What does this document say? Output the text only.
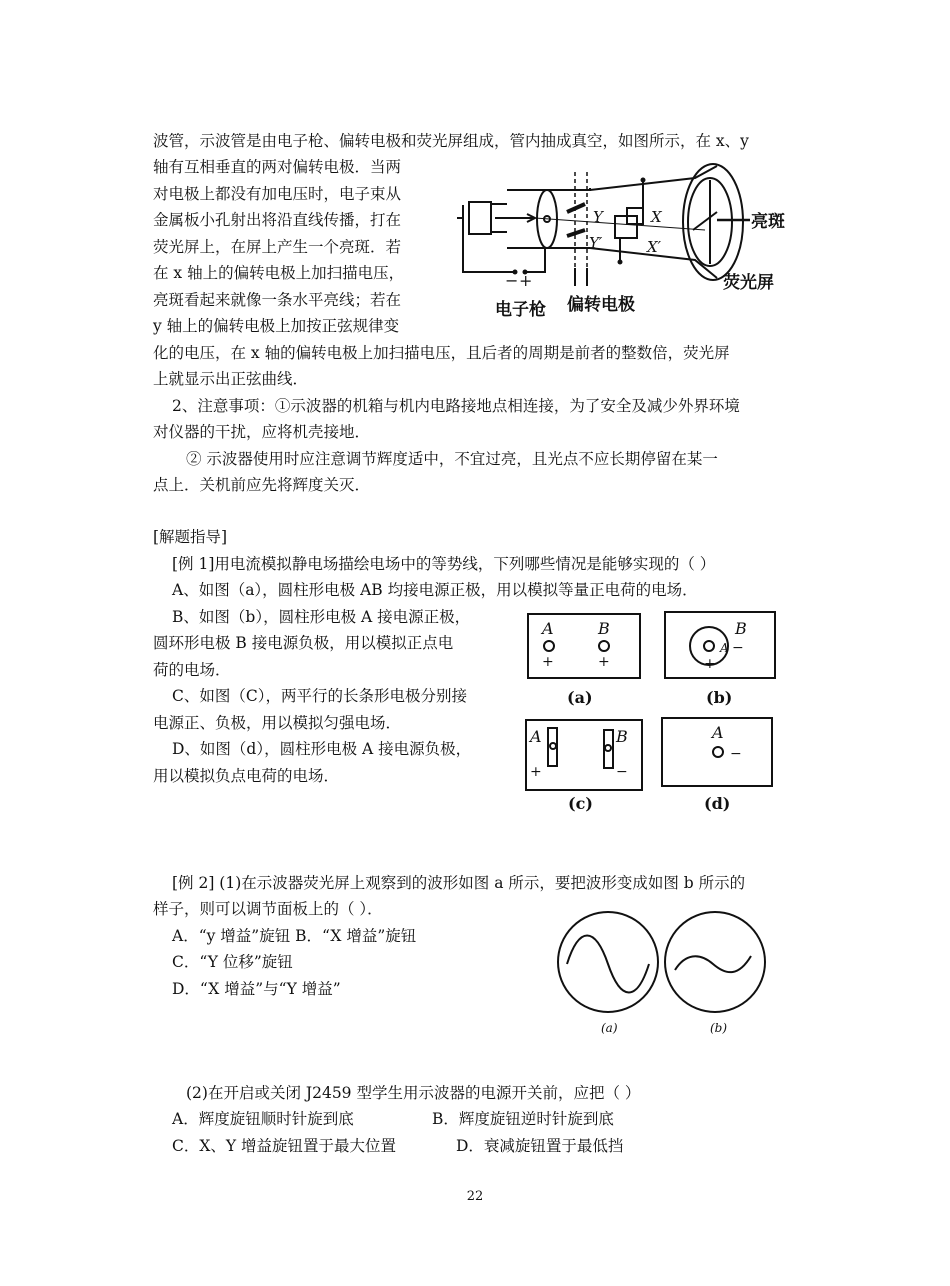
波管，示波管是由电子枪、偏转电极和荧光屏组成，管内抽成真空，如图所示，在 x、y
轴有互相垂直的两对偏转电极．当两
对电极上都没有加电压时，电子束从
金属板小孔射出将沿直线传播，打在
荧光屏上，在屏上产生一个亮斑．若
在 x 轴上的偏转电极上加扫描电压，
亮斑看起来就像一条水平亮线；若在
y 轴上的偏转电极上加按正弦规律变
化的电压，在 x 轴的偏转电极上加扫描电压，且后者的周期是前者的整数倍，荧光屏
上就显示出正弦曲线．
Y
Y′
X
X′
− +
亮斑
荧光屏
电子枪 偏转电极
2、注意事项：①示波器的机箱与机内电路接地点相连接，为了安全及减少外界环境
对仪器的干扰，应将机壳接地．
② 示波器使用时应注意调节辉度适中，不宜过亮，且光点不应长期停留在某一
点上．关机前应先将辉度关灭．
[解题指导]
[例 1]用电流模拟静电场描绘电场中的等势线，下列哪些情况是能够实现的（ ）
A、如图（a），圆柱形电极 AB 均接电源正极，用以模拟等量正电荷的电场．
B、如图（b），圆柱形电极 A 接电源正极，
圆环形电极 B 接电源负极，用以模拟正点电
荷的电场．
C、如图（C），两平行的长条形电极分别接
电源正、负极，用以模拟匀强电场．
D、如图（d），圆柱形电极 A 接电源负极，
用以模拟负点电荷的电场．
A	B	B
A	B	A
+	+	+
−
+	−
−
(a)	(b)
(c)	(d)
A
[例 2] (1)在示波器荧光屏上观察到的波形如图 a 所示，要把波形变成如图 b 所示的
样子，则可以调节面板上的（ ）．
A．“y 增益”旋钮 B．“X 增益”旋钮
C．“Y 位移”旋钮
D．“X 增益”与“Y 增益”
(a)	(b)
(2)在开启或关闭 J2459 型学生用示波器的电源开关前，应把（ ）
A．辉度旋钮顺时针旋到底	B．辉度旋钮逆时针旋到底
C．X、Y 增益旋钮置于最大位置	D．衰减旋钮置于最低挡
22
